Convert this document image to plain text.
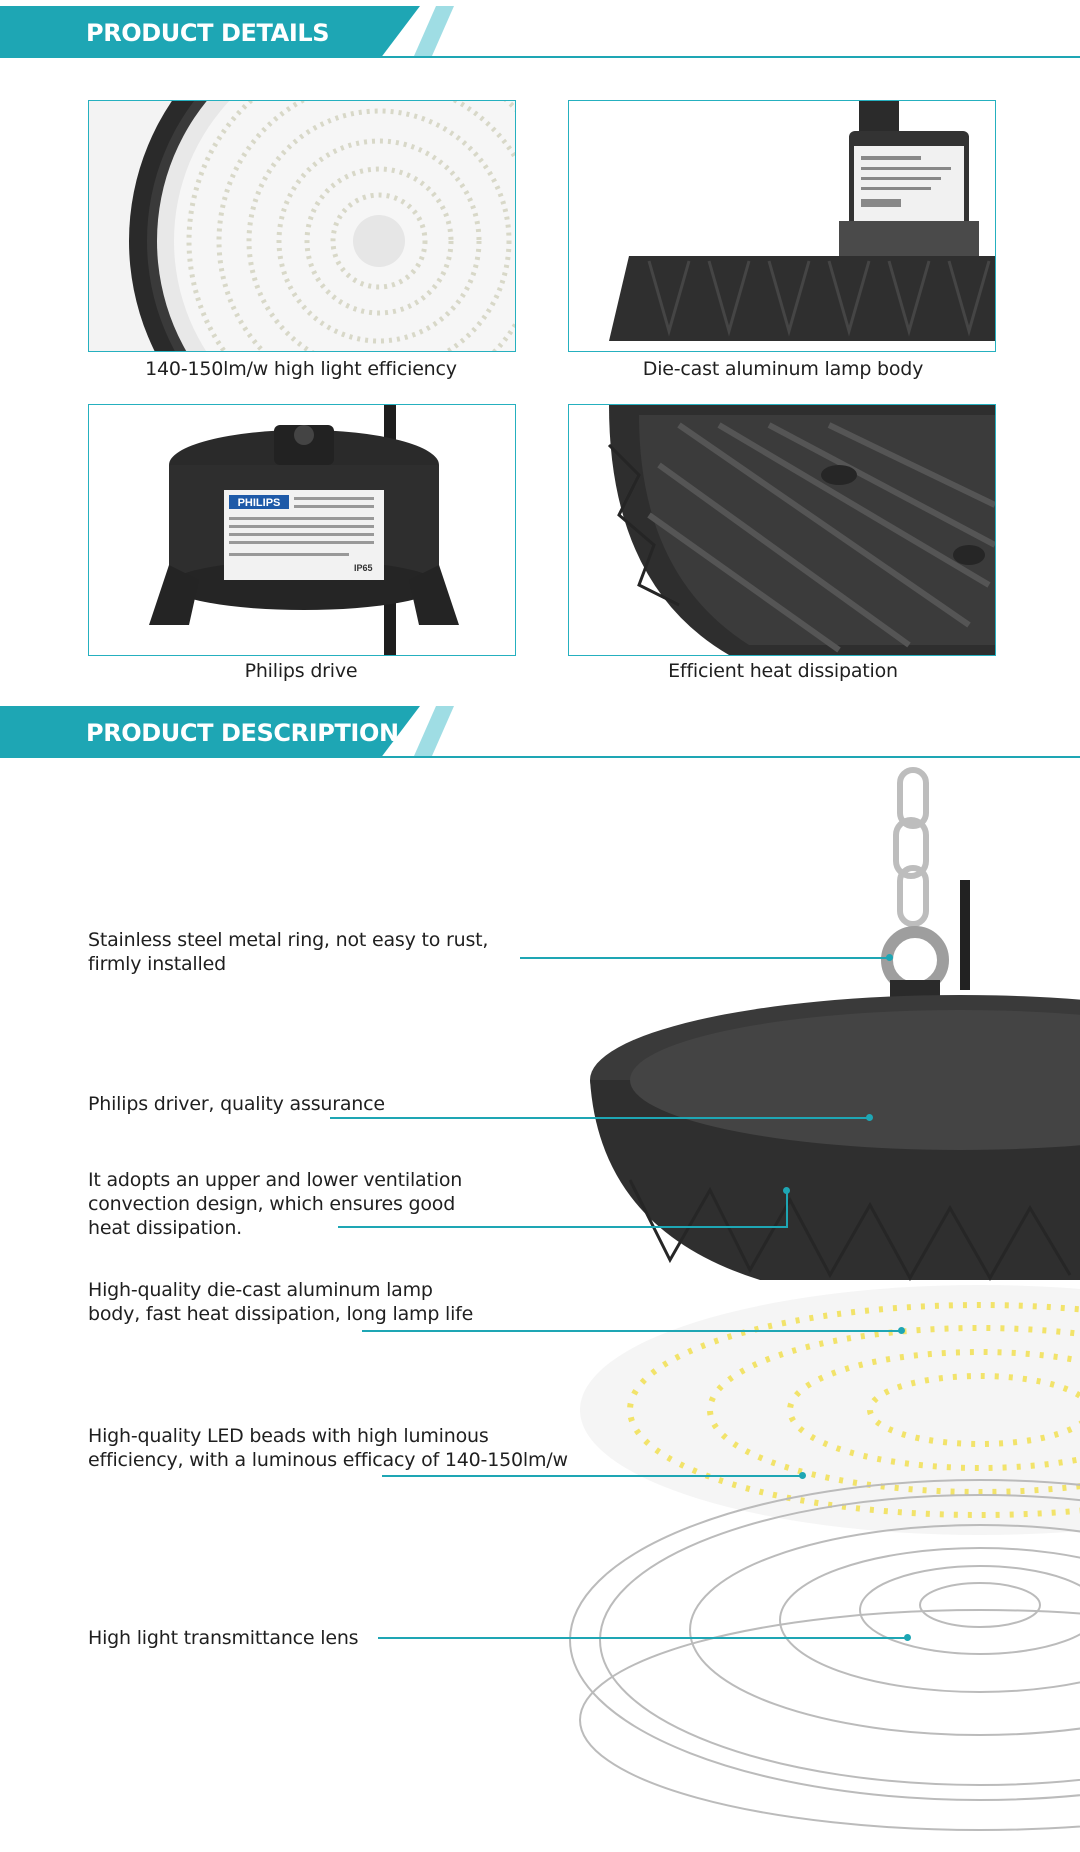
PRODUCT DETAILS
140-150lm/w high light efficiency	Die-cast aluminum lamp body
PHILIPS
IP65
Philips drive	Efficient heat dissipation
PRODUCT DESCRIPTION
Stainless steel metal ring, not easy to rust,
firmly installed
Philips driver, quality assurance
It adopts an upper and lower ventilation
convection design, which ensures good
heat dissipation.
High-quality die-cast aluminum lamp
body, fast heat dissipation, long lamp life
High-quality LED beads with high luminous
efficiency, with a luminous efficacy of 140-150lm/w
High light transmittance lens
